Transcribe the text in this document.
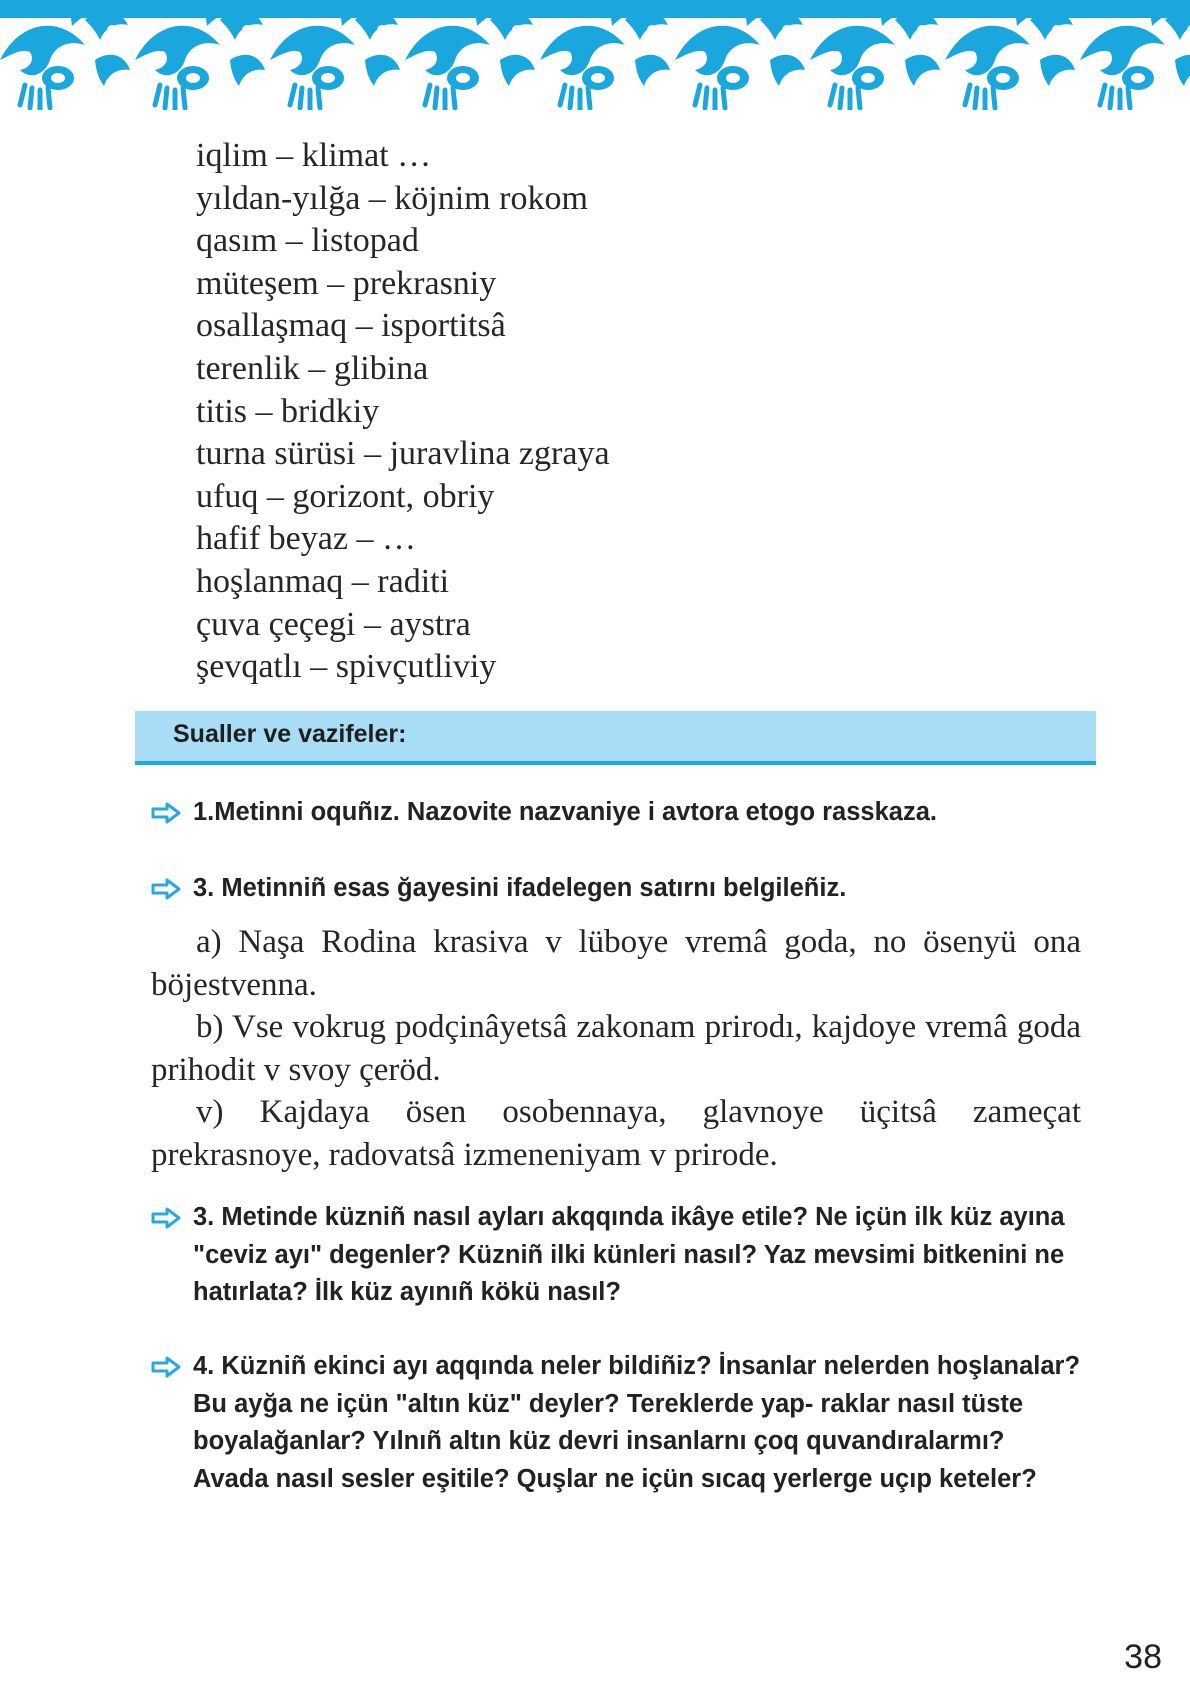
iqlim – klimat …
yıldan-yılğa – köjnim rokom
qasım – listopad
müteşem – prekrasniy
osallaşmaq – isportitsâ
terenlik – glibina
titis – bridkiy
turna sürüsi – juravlina zgraya
ufuq – gorizont, obriy
hafif beyaz – …
hoşlanmaq – raditi
çuva çeçegi – aystra
şevqatlı – spivçutliviy
Sualler ve vazifeler:
1.Metinni oquñız. Nazovite nazvaniye i avtora etogo rasskaza.
3. Metinniñ esas ğayesini ifadelegen satırnı belgileñiz.

a) Naşa Rodina krasiva v lüboye vremâ goda, no ösenyü ona böjestvenna.

b) Vse vokrug podçinâyetsâ zakonam prirodı, kajdoye vremâ goda prihodit v svoy çeröd.

v) Kajdaya ösen osobennaya, glavnoye üçitsâ zameçat prekrasnoye, radovatsâ izmeneniyam v prirode.

3. Metinde küzniñ nasıl ayları akqqında ikâye etile? Ne içün ilk küz ayına "ceviz ayı" degenler? Küzniñ ilki künleri nasıl? Yaz mevsimi bitkenini ne hatırlata? İlk küz ayınıñ kökü nasıl?
4. Küzniñ ekinci ayı aqqında neler bildiñiz? İnsanlar nelerden hoşlanalar? Bu ayğa ne içün "altın küz" deyler? Tereklerde yap- raklar nasıl tüste boyalağanlar? Yılnıñ altın küz devri insanlarnı çoq quvandıralarmı? Avada nasıl sesler eşitile? Quşlar ne içün sıcaq yerlerge uçıp keteler?
38
